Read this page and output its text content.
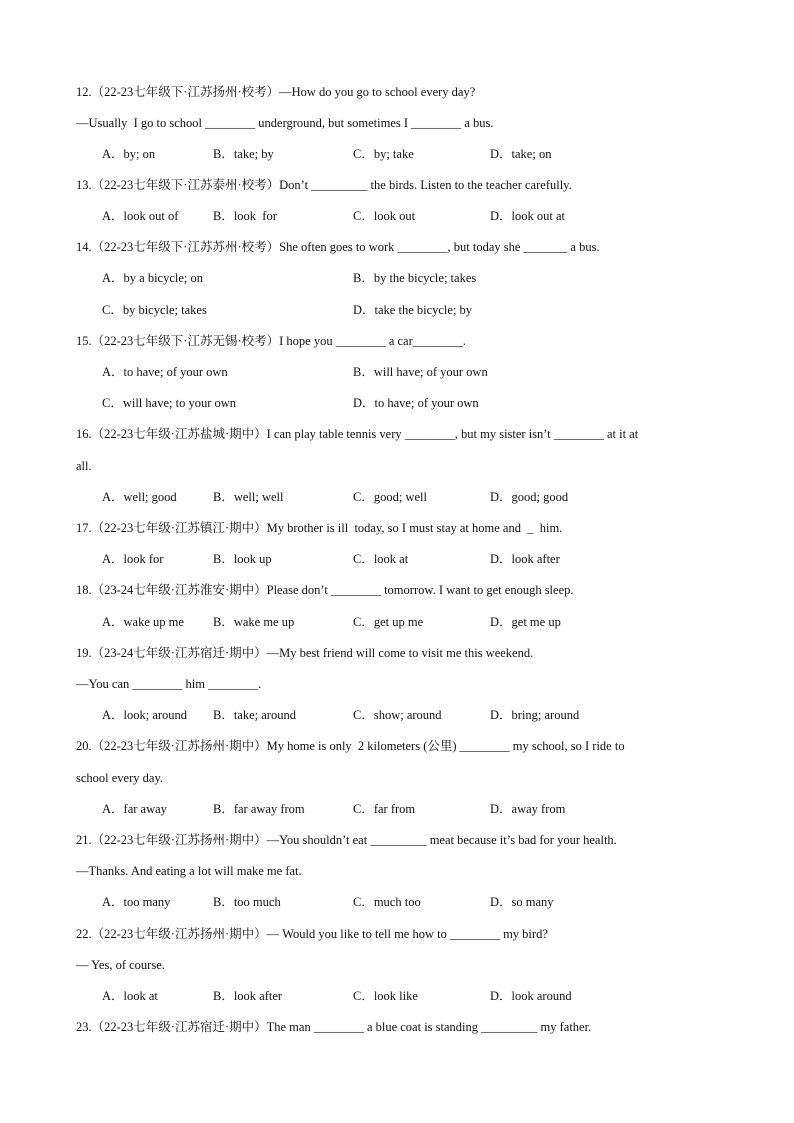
12.（22-23七年级下·江苏扬州·校考）—How do you go to school every day?
—Usually  I go to school ________ underground, but sometimes I ________ a bus.
A．by; on	B．take; by	C．by; take	D．take; on
13.（22-23七年级下·江苏泰州·校考）Don’t _________ the birds. Listen to the teacher carefully.
A．look out of	B．look  for	C．look out	D．look out at
14.（22-23七年级下·江苏苏州·校考）She often goes to work ________, but today she _______ a bus.
A．by a bicycle; on	B．by the bicycle; takes
C．by bicycle; takes	D．take the bicycle; by
15.（22-23七年级下·江苏无锡·校考）I hope you ________ a car________.
A．to have; of your own	B．will have; of your own
C．will have; to your own	D．to have; of your own
16.（22-23七年级·江苏盐城·期中）I can play table tennis very ________, but my sister isn’t ________ at it at
all.
A．well; good	B．well; well	C．good; well	D．good; good
17.（22-23七年级·江苏镇江·期中）My brother is ill  today, so I must stay at home and  _  him.
A．look for	B．look up	C．look at	D．look after
18.（23-24七年级·江苏淮安·期中）Please don’t ________ tomorrow. I want to get enough sleep.
A．wake up me B．wake me up	C．get up me	D．get me up
19.（23-24七年级·江苏宿迁·期中）—My best friend will come to visit me this weekend.
—You can ________ him ________.
A．look; around B．take; around	C．show; around	D．bring; around
20.（22-23七年级·江苏扬州·期中）My home is only  2 kilometers (公里) ________ my school, so I ride to
school every day.
A．far away	B．far away from	C．far from	D．away from
21.（22-23七年级·江苏扬州·期中）—You shouldn’t eat _________ meat because it’s bad for your health.
—Thanks. And eating a lot will make me fat.
A．too many	B．too much	C．much too	D．so many
22.（22-23七年级·江苏扬州·期中）— Would you like to tell me how to ________ my bird?
— Yes, of course.
A．look at	B．look after	C．look like	D．look around
23.（22-23七年级·江苏宿迁·期中）The man ________ a blue coat is standing _________ my father.
